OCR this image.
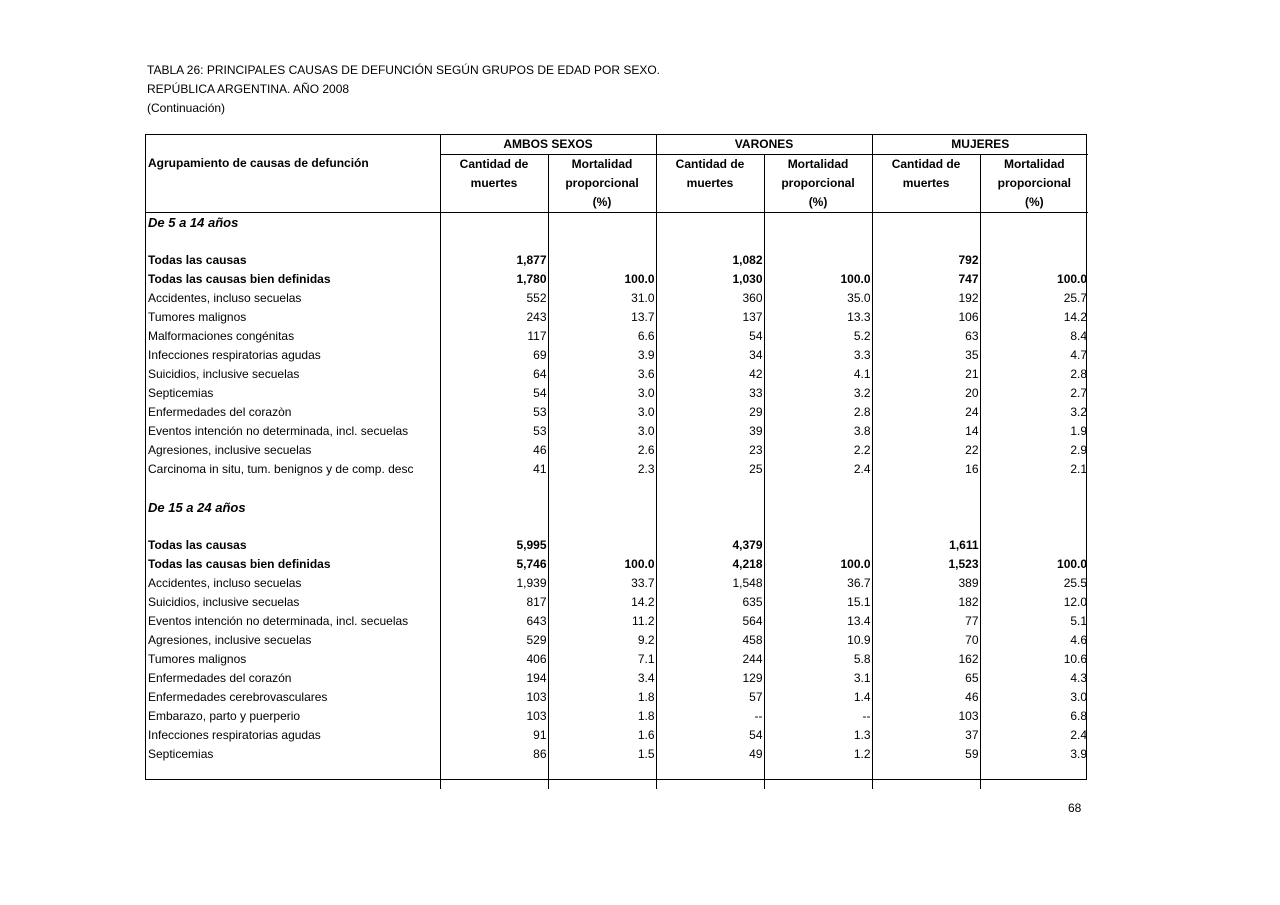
TABLA 26: PRINCIPALES CAUSAS DE DEFUNCIÓN SEGÚN GRUPOS DE EDAD POR SEXO.
REPÚBLICA ARGENTINA. AÑO 2008
(Continuación)
Agrupamiento de causas de defunción	AMBOS SEXOS		VARONES		MUJERES	
	Cantidad de	Mortalidad	Cantidad de	Mortalidad	Cantidad de	Mortalidad
	muertes	proporcional	muertes	proporcional	muertes	proporcional
		(%)		(%)		(%)
De 5 a 14 años						

Todas las causas	1,877		1,082		792	
Todas las causas bien definidas	1,780	100.0	1,030	100.0	747	100.0
Accidentes, incluso secuelas	552	31.0	360	35.0	192	25.7
Tumores malignos	243	13.7	137	13.3	106	14.2
Malformaciones congénitas	117	6.6	54	5.2	63	8.4
Infecciones respiratorias agudas	69	3.9	34	3.3	35	4.7
Suicidios, inclusive secuelas	64	3.6	42	4.1	21	2.8
Septicemias	54	3.0	33	3.2	20	2.7
Enfermedades del corazòn	53	3.0	29	2.8	24	3.2
Eventos intención no determinada, incl. secuelas	53	3.0	39	3.8	14	1.9
Agresiones, inclusive secuelas	46	2.6	23	2.2	22	2.9
Carcinoma in situ, tum. benignos y de comp. desc	41	2.3	25	2.4	16	2.1

De 15 a 24 años						

Todas las causas	5,995		4,379		1,611	
Todas las causas bien definidas	5,746	100.0	4,218	100.0	1,523	100.0
Accidentes, incluso secuelas	1,939	33.7	1,548	36.7	389	25.5
Suicidios, inclusive secuelas	817	14.2	635	15.1	182	12.0
Eventos intención no determinada, incl. secuelas	643	11.2	564	13.4	77	5.1
Agresiones, inclusive secuelas	529	9.2	458	10.9	70	4.6
Tumores malignos	406	7.1	244	5.8	162	10.6
Enfermedades del corazón	194	3.4	129	3.1	65	4.3
Enfermedades cerebrovasculares	103	1.8	57	1.4	46	3.0
Embarazo, parto y puerperio	103	1.8	--	--	103	6.8
Infecciones respiratorias agudas	91	1.6	54	1.3	37	2.4
Septicemias	86	1.5	49	1.2	59	3.9

68
